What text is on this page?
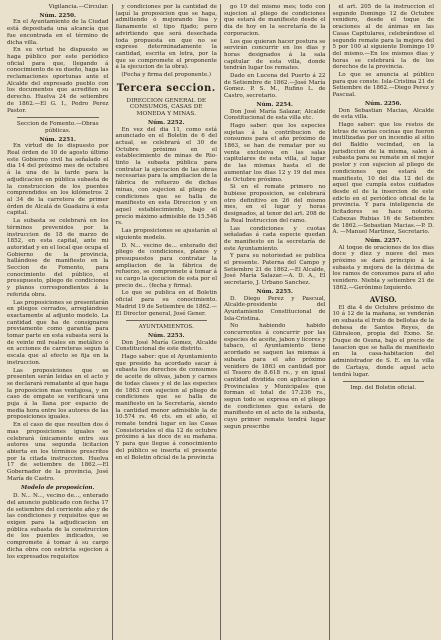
Vigilancia.—Circular.

Núm. 2250.

En el Ayuntamiento de la Ciudad está depositada una alcancía que fue encontrada en el término de dicha villa.

En su virtud he dispuesto se haga público por este periódico oficial para que, llegando á conocimiento de su dueño, haga las reclamaciones oportunas ante el Alcalde del expresado pueblo con los documentos que acrediten su derecho. Huelva 24 de setiembre de 1862.—El G. I., Pedro Perez Pastor.

Seccion de Fomento.—Obras públicas.

Núm. 2251.

En virtud de lo dispuesto por Real órden de 10 de agosto último este Gobierno civil ha señalado el dia 14 del próximo mes de octubre á la una de la tarde para la adjudicacion en pública subasta de la construccion de los puentes comprendidos en los kilómetros 2 al 34 de la carretera de primer órden de Alcalá de Guadaira á esta capital.

La subasta se celebrará en los términos prevenidos por la instruccion de 18 de marzo de 1852, en esta capital, ante mi autoridad y en el local que ocupa el Gobierno de la provincia, hallándose de manifiesto en la Seccion de Fomento, para conocimiento del público, el presupuesto, pliego de condiciones y planos correspondientes á la referida obra.

Las proposiciones se presentarán en pliegos cerrados, arreglándose exactamente al adjunto modelo. La cantidad que ha de consignarse previamente como garantía para tomar parte en esta subasta será la de veinte mil reales en metálico ó en acciones de carreteras segun la escala que al efecto se fija en la instruccion.

Las proposiciones que se presenten serán leidas en el acto y se declarará rematante al que haga la proposicion mas ventajosa, y en caso de empate se verificará una puja á la llana por espacio de media hora entre los autores de las proposiciones iguales.

En el caso de que resulten dos ó mas proposiciones iguales se celebrará únicamente entre sus autores una segunda licitacion abierta en los términos prescritos por la citada instruccion. Huelva 17 de setiembre de 1862.—El Gobernador de la provincia, José María de Castro.

Modelo de proposicion.

D. N... N..., vecino de..., enterado del anuncio publicado con fecha 17 de setiembre del corriente año y de las condiciones y requisitos que se exigen para la adjudicacion en pública subasta de la construccion de los puentes indicados, se compromete á tomar á su cargo dicha obra con estricta sujecion á los expresados requisitos

y condiciones por la cantidad de (aquí la proposicion que se haga, admitiendo ó mejorando lisa y llanamente el tipo fijado; pero advirtiendo que será desechada toda propuesta en que no se exprese determinadamente la cantidad, escrita en letra, por la que se compromete el proponente á la ejecucion de la obra).

(Fecha y firma del proponente.)

Tercera seccion.

DIRECCION GENERAL DE CONSUMOS, CASAS DE MONEDA Y MINAS.

Núm. 2252.

En vez del dia 11, como está anunciado en el Boletin de 6 del actual, se celebrará el 30 de Octubre próximo en el establecimiento de minas de Rio-tinto la subasta pública para contratar la ejecucion de las obras necesarias para la ampliacion de la fábrica de refuerzo de dichas minas, con sujecion al pliego de condiciones que se halla de manifiesto en esta Direccion y en aquel establecimiento, bajo el precio máximo admisible de 15.546 rs.

Las proposiciones se ajustarán al siguiente modelo.

D. N... vecino de... enterado del pliego de condiciones, planos y presupuestos para contratar la ampliacion de la fábrica de refuerzo, se compromete á tomar á su cargo la ejecucion de esta por el precio de... (fecha y firma).

Lo que se publica en el Boletin oficial para su conocimiento. Madrid 19 de Setiembre de 1862.—El Director general, José Gener.

AYUNTAMIENTOS.

Núm. 2253.

Don José María Gomez, Alcalde Constitucional de este distrito.

Hago saber: que el Ayuntamiento que presido ha acordado sacar á subasta los derechos de consumos de aceite de olivas, jabon y carnes de todas clases y el de las especies de 1863 con sujecion al pliego de condiciones que se halla de manifiesto en la Secretaría, siendo la cantidad menor admisible la de 10.574 rs. 46 cts. en el año, el remate tendrá lugar en las Casas Consistoriales el dia 12 de octubre próximo á las doce de su mañana. Y para que llegue á conocimiento del público se inserta el presente en el Boletin oficial de la provincia

go 19 del mismo mes; todo con sujecion al pliego de condiciones que estará de manifiesto desde el dia de hoy en la secretaría de la corporacion.

Los que quieran hacer postura se servirán concurrir en los dias y horas designados á la sala capitular de esta villa, donde tendrán lugar los remates.

Dado en Lucena del Puerto á 22 de Setiembre de 1862.—José María Gomez. P. S. M., Rufino L. de Castro, secretario.

Núm. 2254.

Don José María Salazar, Alcalde Constitucional de esta villa etc.

Hago saber: que los especies sujetas á la contribucion de consumos para el año próximo de 1863, se han de rematar por su venta exclusiva en las salas capitulares de esta villa, al lugar de las mismas hasta el de aumentar los dias 12 y 19 del mes de Octubre próximo.

Si en el remate primero no hubiese proposicion, se celebrará otro definitivo en 26 del mismo mes, en el lugar y horas designados, al tenor del art. 208 de la Real Instruccion del ramo.

Las condiciones y cuotas señaladas á cada especie quedan de manifiesto en la secretaría de este Ayuntamiento.

Y para su notoriedad se publica el presente. Paterna del Campo y Setiembre 21 de 1862.—El Alcalde, José María Salazar.—A. D. A., El secretario, J. Urbano Sanchez.

Núm. 2255.

D. Diego Perez y Pascual, Alcalde-presidente del Ayuntamiento Constitucional de Isla-Cristina.

No habiendo habido concurrentes á concurrir por las especies de aceite, jabon y licores y tabaco, el Ayuntamiento tiene acordado se saquen las mismas á subasta para el año próximo venidero de 1863 en cantidad por el Tesoro de 8.618 rs., y en igual cantidad dividida con aplicacion á Provinciales y Municipales que forman el total de 17.236 rs., segun todo se expresa en el pliego de condiciones que estará de manifiesto en el acto de la subasta, cuyo primer remate tendrá lugar segun prescribe

el art. 205 de la instruccion el segundo Domingo 12 de Octubre venidero, desde el toque de oraciones al de ánimas en las Casas Capitulares, celebrándose el segundo remate para la mejora del 5 por 100 al siguiente Domingo 19 del mismo.—En los mismos dias y horas se celebrará la de los derechos de la provincia.

Lo que se anuncia al público para que conste. Isla-Cristina 21 de Setiembre de 1862.—Diego Perez y Pascual.

Núm. 2256.

Don Sebastian Macias, Alcalde de esta villa.

Hago saber: que los restos de letras de varias cocinas que fueron inutilizadas por un incendio al sitio del Baldio vecindad, en la jurisdiccion de la misma, salen á subasta para su remate en el mejor postor y con sujecion al pliego de condiciones que estará de manifiesto, 10 del dia 12 del de aquel que cumpla estos cuidados desde el de la insercion de este edicto en el periódico oficial de la provincia. Y para inteligencia de licitadores se hace notorio. Cabezas Rubias 16 de Setiembre de 1862.—Sebastian Macias.—P. D. A. —Manuel Martinez, Secretario.

Núm. 2257.

Al toque de oraciones de los dias doce y diez y nueve del mes próximo se dará principio á la subasta y mejora de la décima de los ramos de consumos para el año venidero. Niebla y setiembre 21 de 1862.—Gerónimo Izquierdo.

AVISO.

El dia 4 de Octubre próximo de 10 á 12 de la mañana, se venderán en subasta el fruto de bellotas de la dehesa de Santos Reyes, de Gibraleon, propia del Exmo. Sr. Duque de Osuna, bajo el precio de tasacion que se halla de manifiesto en la casa-habitacion del administrador de S. E. en la villa de Cartaya, donde aquel acto tendrá lugar.

Imp. del Boletin oficial.
